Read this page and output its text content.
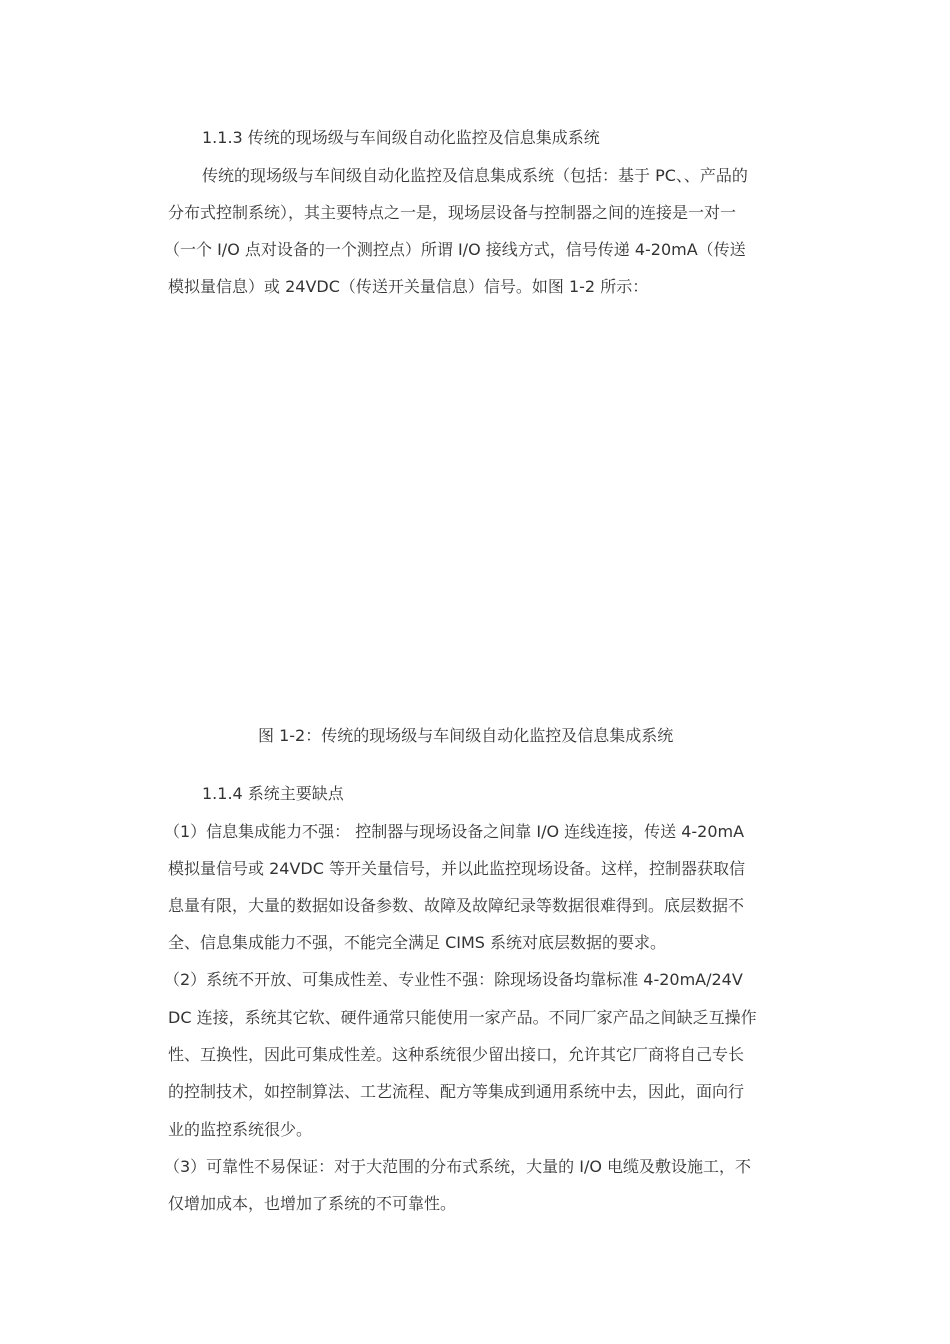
1.1.3 传统的现场级与车间级自动化监控及信息集成系统
传统的现场级与车间级自动化监控及信息集成系统（包括：基于 PC、、产品的
分布式控制系统），其主要特点之一是，现场层设备与控制器之间的连接是一对一
（一个 I/O 点对设备的一个测控点）所谓 I/O 接线方式，信号传递 4-20mA（传送
模拟量信息）或 24VDC（传送开关量信息）信号。如图 1-2 所示：
图 1-2：传统的现场级与车间级自动化监控及信息集成系统
1.1.4 系统主要缺点
（1）信息集成能力不强： 控制器与现场设备之间靠 I/O 连线连接，传送 4-20mA
模拟量信号或 24VDC 等开关量信号，并以此监控现场设备。这样，控制器获取信
息量有限，大量的数据如设备参数、故障及故障纪录等数据很难得到。底层数据不
全、信息集成能力不强，不能完全满足 CIMS 系统对底层数据的要求。
（2）系统不开放、可集成性差、专业性不强：除现场设备均靠标准 4-20mA/24V
DC 连接，系统其它软、硬件通常只能使用一家产品。不同厂家产品之间缺乏互操作
性、互换性，因此可集成性差。这种系统很少留出接口，允许其它厂商将自己专长
的控制技术，如控制算法、工艺流程、配方等集成到通用系统中去，因此，面向行
业的监控系统很少。
（3）可靠性不易保证：对于大范围的分布式系统，大量的 I/O 电缆及敷设施工，不
仅增加成本，也增加了系统的不可靠性。
